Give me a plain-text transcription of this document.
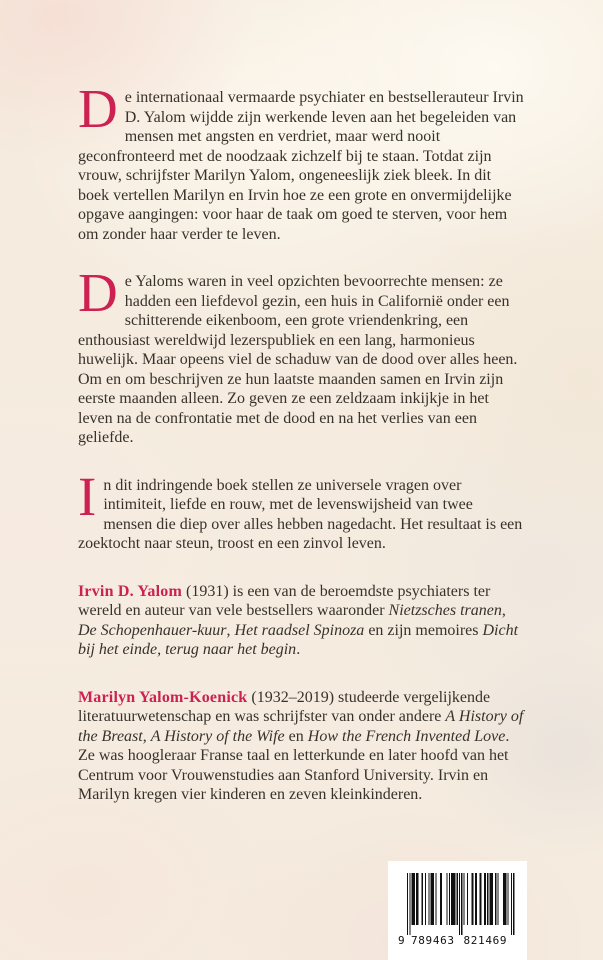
De internationaal vermaarde psychiater en bestsellerauteur Irvin D. Yalom wijdde zijn werkende leven aan het begeleiden van mensen met angsten en verdriet, maar werd nooit geconfronteerd met de noodzaak zichzelf bij te staan. Totdat zijn vrouw, schrijfster Marilyn Yalom, ongeneeslijk ziek bleek. In dit boek vertellen Marilyn en Irvin hoe ze een grote en onvermijdelijke opgave aangingen: voor haar de taak om goed te sterven, voor hem om zonder haar verder te leven.

De Yaloms waren in veel opzichten bevoorrechte mensen: ze hadden een liefdevol gezin, een huis in Californië onder een schitterende eikenboom, een grote vriendenkring, een enthousiast wereldwijd lezerspubliek en een lang, harmonieus huwelijk. Maar opeens viel de schaduw van de dood over alles heen. Om en om beschrijven ze hun laatste maanden samen en Irvin zijn eerste maanden alleen. Zo geven ze een zeldzaam inkijkje in het leven na de confrontatie met de dood en na het verlies van een geliefde.

In dit indringende boek stellen ze universele vragen over intimiteit, liefde en rouw, met de levenswijsheid van twee mensen die diep over alles hebben nagedacht. Het resultaat is een zoektocht naar steun, troost en een zinvol leven.

Irvin D. Yalom (1931) is een van de beroemdste psychiaters ter wereld en auteur van vele bestsellers waaronder Nietzsches tranen, De Schopenhauer-kuur, Het raadsel Spinoza en zijn memoires Dicht bij het einde, terug naar het begin.

Marilyn Yalom-Koenick (1932–2019) studeerde vergelijkende literatuurwetenschap en was schrijfster van onder andere A History of the Breast, A History of the Wife en How the French Invented Love. Ze was hoogleraar Franse taal en letterkunde en later hoofd van het Centrum voor Vrouwenstudies aan Stanford University. Irvin en Marilyn kregen vier kinderen en zeven kleinkinderen.

9 789463 821469
